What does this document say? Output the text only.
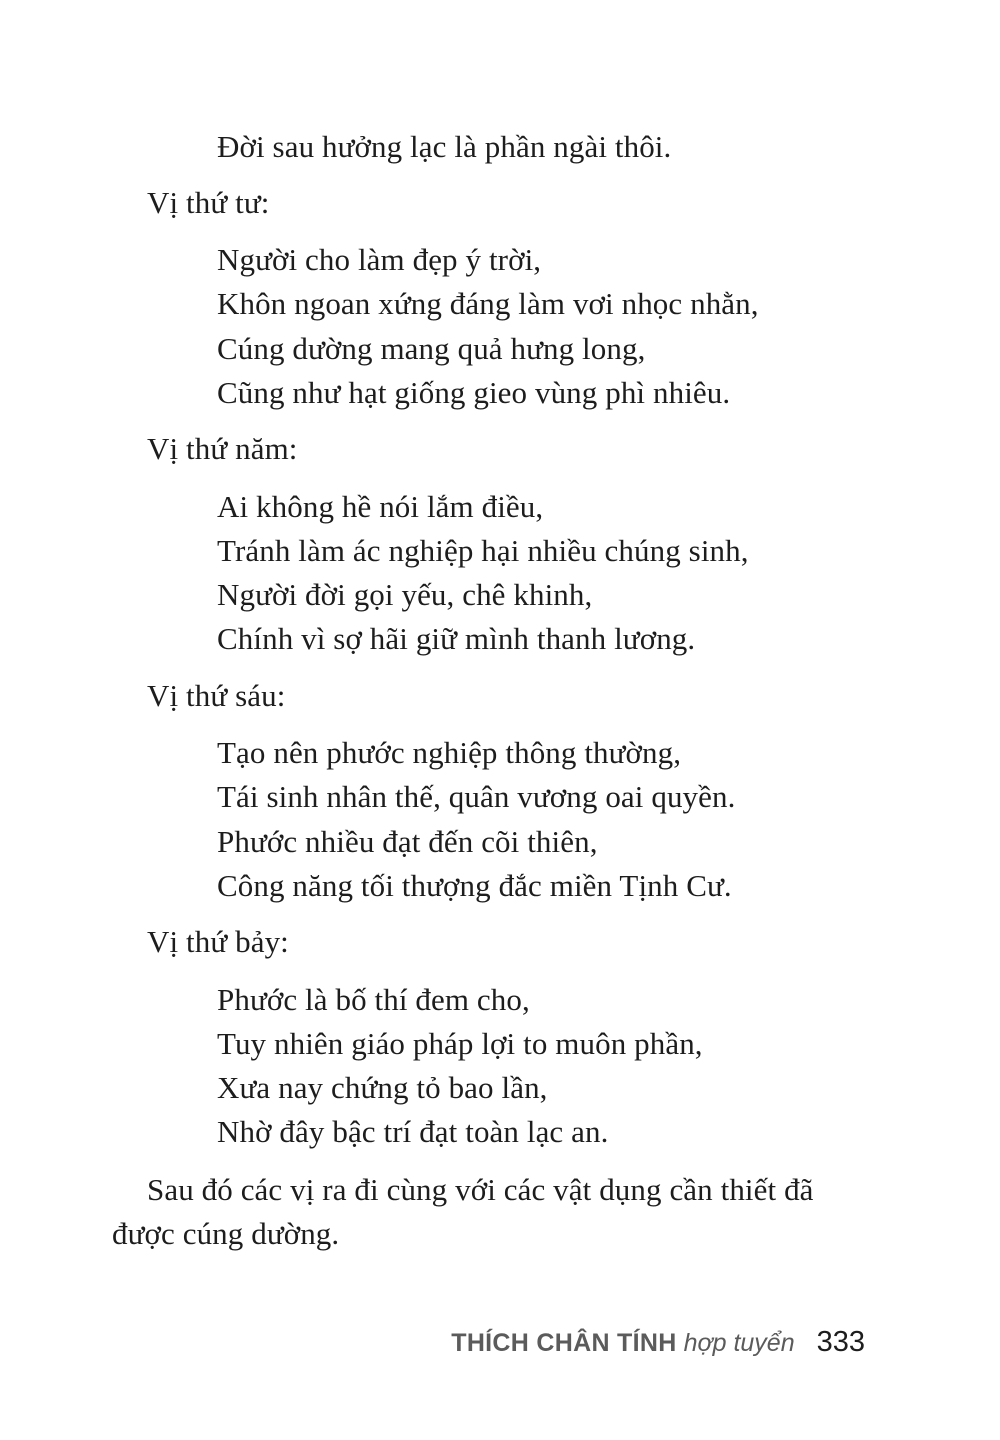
Đời sau hưởng lạc là phần ngài thôi.
Vị thứ tư:
Người cho làm đẹp ý trời,
Khôn ngoan xứng đáng làm vơi nhọc nhằn,
Cúng dường mang quả hưng long,
Cũng như hạt giống gieo vùng phì nhiêu.
Vị thứ năm:
Ai không hề nói lắm điều,
Tránh làm ác nghiệp hại nhiều chúng sinh,
Người đời gọi yếu, chê khinh,
Chính vì sợ hãi giữ mình thanh lương.
Vị thứ sáu:
Tạo nên phước nghiệp thông thường,
Tái sinh nhân thế, quân vương oai quyền.
Phước nhiều đạt đến cõi thiên,
Công năng tối thượng đắc miền Tịnh Cư.
Vị thứ bảy:
Phước là bố thí đem cho,
Tuy nhiên giáo pháp lợi to muôn phần,
Xưa nay chứng tỏ bao lần,
Nhờ đây bậc trí đạt toàn lạc an.
Sau đó các vị ra đi cùng với các vật dụng cần thiết đã
được cúng dường.
THÍCH CHÂN TÍNH hợp tuyển 333
